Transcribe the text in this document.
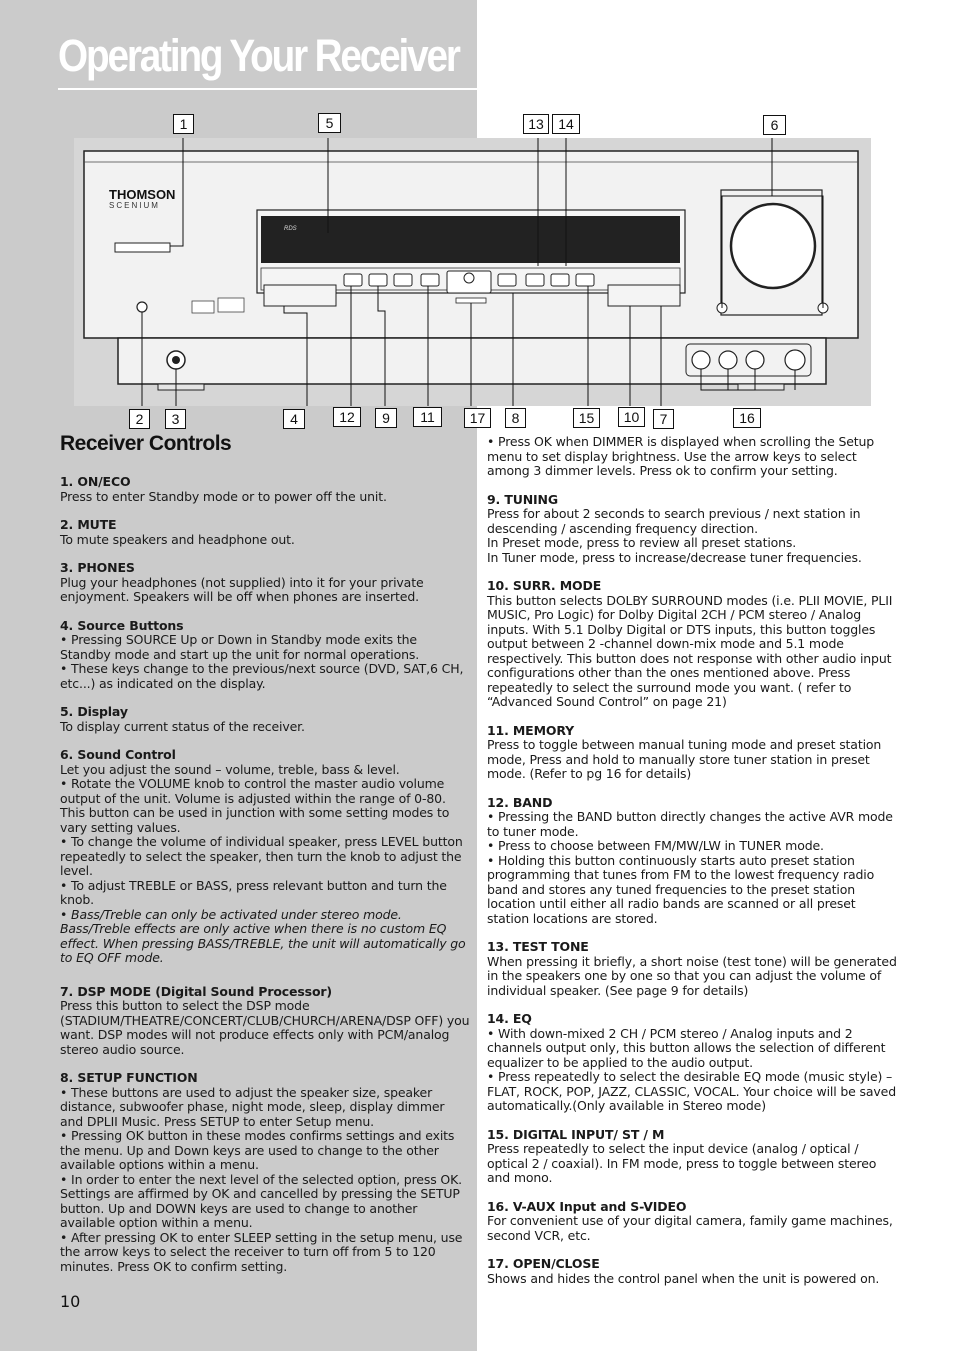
Operating Your Receiver
THOMSON
SCENIUM
RDS
1	5	13	14	6
2	3	4	12	9	11	17	8	15	10	7	16
Receiver Controls
1. ON/ECO

Press to enter Standby mode or to power off the unit.

2. MUTE

To mute speakers and headphone out.

3. PHONES

Plug your headphones (not supplied) into it for your private enjoyment. Speakers will be off when phones are inserted.

4. Source Buttons

• Pressing SOURCE Up or Down in Standby mode exits the Standby mode and start up the unit for normal operations.

• These keys change to the previous/next source (DVD, SAT,6 CH, etc...) as indicated on the display.

5. Display

To display current status of the receiver.

6. Sound Control

Let you adjust the sound – volume, treble, bass & level.

• Rotate the VOLUME knob to control the master audio volume output of the unit. Volume is adjusted within the range of 0-80. This button can be used in junction with some setting modes to vary setting values.

• To change the volume of individual speaker, press LEVEL button repeatedly to select the speaker, then turn the knob to adjust the level.

• To adjust TREBLE or BASS, press relevant button and turn the knob.

• Bass/Treble can only be activated under stereo mode. Bass/Treble effects are only active when there is no custom EQ effect. When pressing BASS/TREBLE, the unit will automatically go to EQ OFF mode.

7. DSP MODE (Digital Sound Processor)

Press this button to select the DSP mode (STADIUM/THEATRE/CONCERT/CLUB/CHURCH/ARENA/DSP OFF) you want. DSP modes will not produce effects only with PCM/analog stereo audio source.

8. SETUP FUNCTION

• These buttons are used to adjust the speaker size, speaker distance, subwoofer phase, night mode, sleep, display dimmer and DPLII Music. Press SETUP to enter Setup menu.

• Pressing OK button in these modes confirms settings and exits the menu. Up and Down keys are used to change to the other available options within a menu.

• In order to enter the next level of the selected option, press OK. Settings are affirmed by OK and cancelled by pressing the SETUP button. Up and DOWN keys are used to change to another available option within a menu.

• After pressing OK to enter SLEEP setting in the setup menu, use the arrow keys to select the receiver to turn off from 5 to 120 minutes. Press OK to confirm setting.

• Press OK when DIMMER is displayed when scrolling the Setup menu to set display brightness. Use the arrow keys to select among 3 dimmer levels. Press ok to confirm your setting.

9. TUNING

Press for about 2 seconds to search previous / next station in descending / ascending frequency direction.

In Preset mode, press to review all preset stations.

In Tuner mode, press to increase/decrease tuner frequencies.

10. SURR. MODE

This button selects DOLBY SURROUND modes (i.e. PLII MOVIE, PLII MUSIC, Pro Logic) for Dolby Digital 2CH / PCM stereo / Analog inputs. With 5.1 Dolby Digital or DTS inputs, this button toggles output between 2 -channel down-mix mode and 5.1 mode respectively. This button does not response with other audio input configurations other than the ones mentioned above. Press repeatedly to select the surround mode you want. ( refer to “Advanced Sound Control” on page 21)

11. MEMORY

Press to toggle between manual tuning mode and preset station mode, Press and hold to manually store tuner station in preset mode. (Refer to pg 16 for details)

12. BAND

• Pressing the BAND button directly changes the active AVR mode to tuner mode.

• Press to choose between FM/MW/LW in TUNER mode.

• Holding this button continuously starts auto preset station programming that tunes from FM to the lowest frequency radio band and stores any tuned frequencies to the preset station location until either all radio bands are scanned or all preset station locations are stored.

13. TEST TONE

When pressing it briefly, a short noise (test tone) will be generated in the speakers one by one so that you can adjust the volume of individual speaker. (See page 9 for details)

14. EQ

• With down-mixed 2 CH / PCM stereo / Analog inputs and 2 channels output only, this button allows the selection of different equalizer to be applied to the audio output.

• Press repeatedly to select the desirable EQ mode (music style) – FLAT, ROCK, POP, JAZZ, CLASSIC, VOCAL. Your choice will be saved automatically.(Only available in Stereo mode)

15. DIGITAL INPUT/ ST / M

Press repeatedly to select the input device (analog / optical / optical 2 / coaxial). In FM mode, press to toggle between stereo and mono.

16. V-AUX Input and S-VIDEO

For convenient use of your digital camera, family game machines, second VCR, etc.

17. OPEN/CLOSE

Shows and hides the control panel when the unit is powered on.

10
